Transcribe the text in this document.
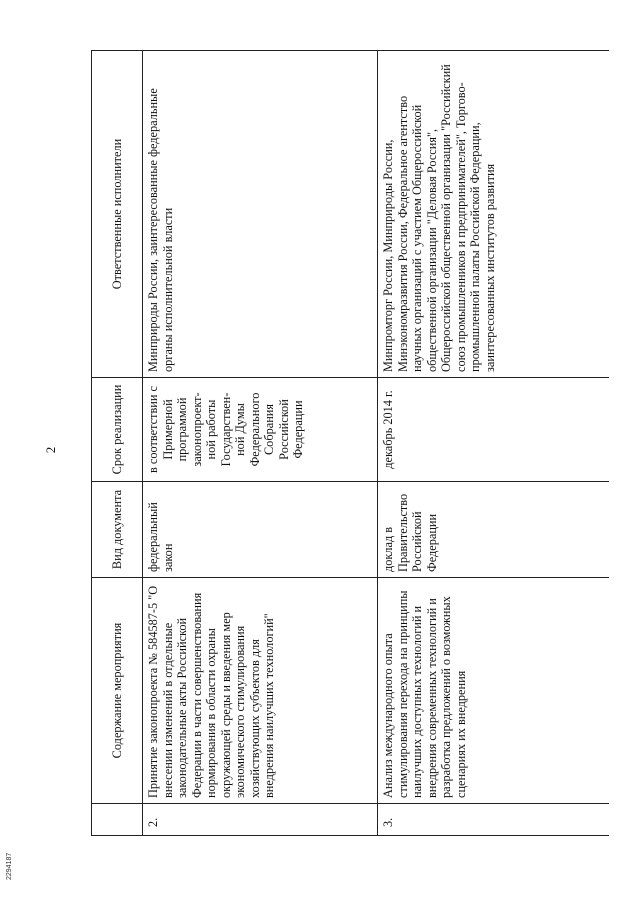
2
2294187
	Содержание мероприятия	Вид документа	Срок реализации	Ответственные исполнители
2.	Принятие законопроекта № 584587-5 "О внесении изменений в отдельные законодательные акты Российской Федерации в части совершенствования нормирования в области охраны окружающей среды и введения мер экономического стимулирования хозяйствующих субъектов для внедрения наилучших технологий"	федеральный закон	в соответствии с Примерной программой законопроект-ной работы Государствен-ной Думы Федерального Собрания Российской Федерации	Минприроды России, заинтересованные федеральные органы исполнительной власти
3.	Анализ международного опыта стимулирования перехода на принципы наилучших доступных технологий и внедрения современных технологий и разработка предложений о возможных сценариях их внедрения	доклад в Правительство Российской Федерации	декабрь 2014 г.	Минпромторг России, Минприроды России, Минэкономразвития России, Федеральное агентство научных организаций с участием Общероссийской общественной организации "Деловая Россия", Общероссийской общественной организации "Российский союз промышленников и предпринимателей", Торгово-промышленной палаты Российской Федерации, заинтересованных институтов развития
